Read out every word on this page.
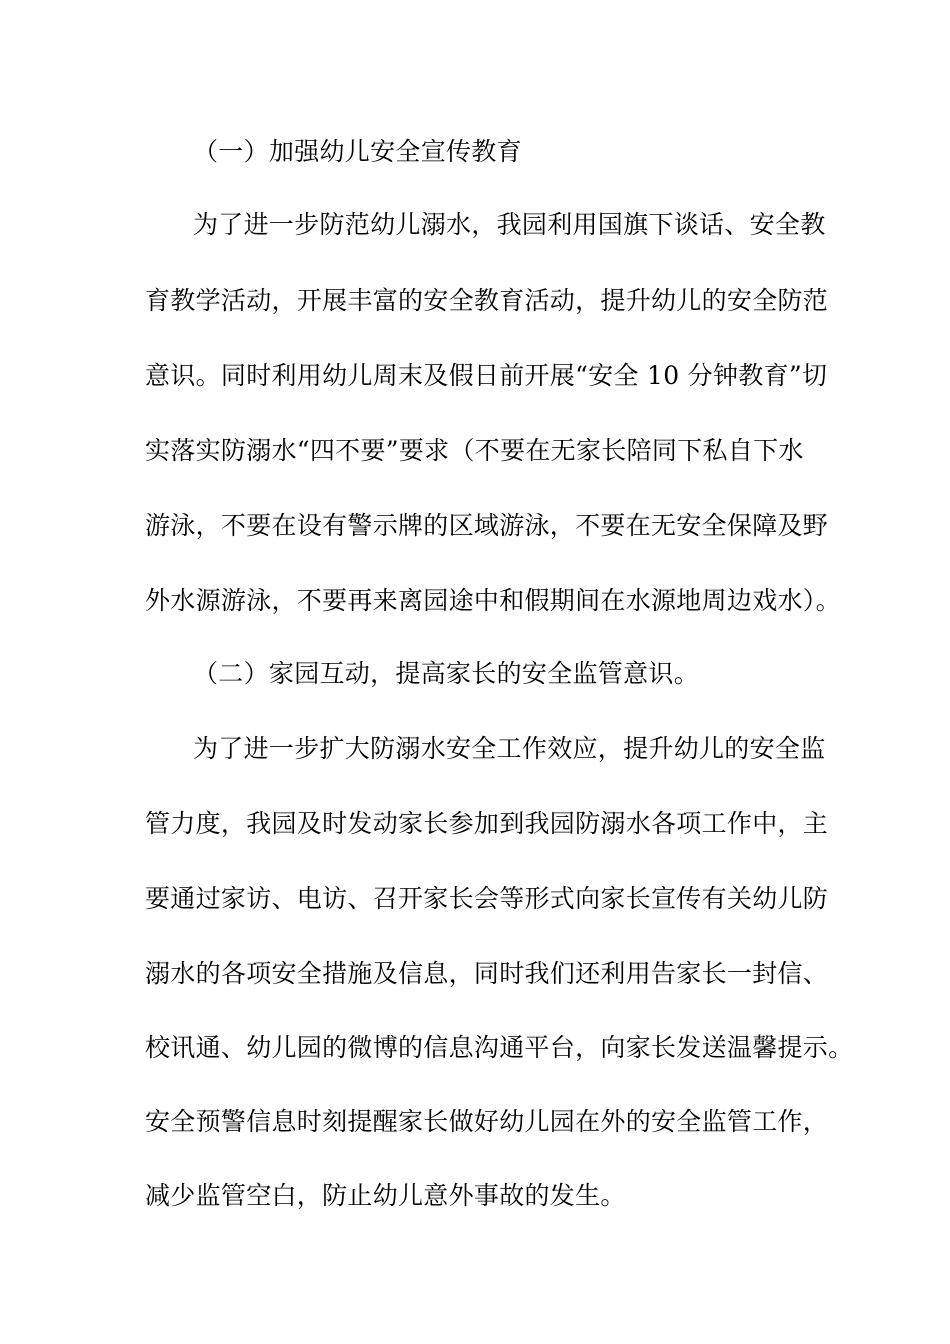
（一）加强幼儿安全宣传教育
为了进一步防范幼儿溺水，我园利用国旗下谈话、安全教
育教学活动，开展丰富的安全教育活动，提升幼儿的安全防范
意识。同时利用幼儿周末及假日前开展“安全 10 分钟教育”切
实落实防溺水“四不要”要求（不要在无家长陪同下私自下水
游泳，不要在设有警示牌的区域游泳，不要在无安全保障及野
外水源游泳，不要再来离园途中和假期间在水源地周边戏水）。
（二）家园互动，提高家长的安全监管意识。
为了进一步扩大防溺水安全工作效应，提升幼儿的安全监
管力度，我园及时发动家长参加到我园防溺水各项工作中，主
要通过家访、电访、召开家长会等形式向家长宣传有关幼儿防
溺水的各项安全措施及信息，同时我们还利用告家长一封信、
校讯通、幼儿园的微博的信息沟通平台，向家长发送温馨提示。
安全预警信息时刻提醒家长做好幼儿园在外的安全监管工作，
减少监管空白，防止幼儿意外事故的发生。
